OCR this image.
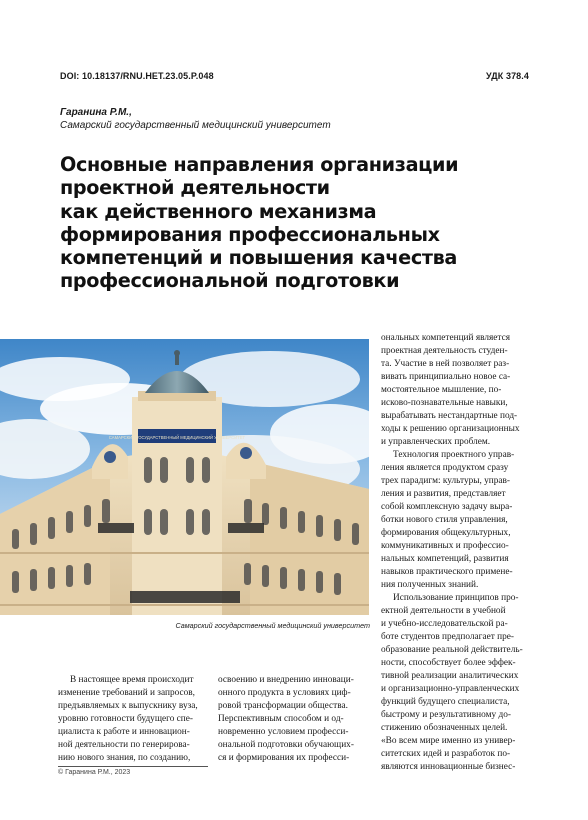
DOI: 10.18137/RNU.HET.23.05.P.048	УДК 378.4
Гаранина Р.М.,
Самарский государственный медицинский университет
Основные направления организации
проектной деятельности
как действенного механизма
формирования профессиональных
компетенций и повышения качества
профессиональной подготовки
САМАРСКИЙ ГОСУДАРСТВЕННЫЙ МЕДИЦИНСКИЙ УНИВЕРСИТЕТ
Самарский государственный медицинский университет
ональных компетенций является
проектная деятельность студен-
та. Участие в ней позволяет раз-
вивать принципиально новое са-
мостоятельное мышление, по-
исково-познавательные навыки,
вырабатывать нестандартные под-
ходы к решению организационных
и управленческих проблем.
Технология проектного управ-
ления является продуктом сразу
трех парадигм: культуры, управ-
ления и развития, представляет
собой комплексную задачу выра-
ботки нового стиля управления,
формирования общекультурных,
коммуникативных и профессио-
нальных компетенций, развития
навыков практического примене-
ния полученных знаний.
Использование принципов про-
ектной деятельности в учебной
и учебно-исследовательской ра-
боте студентов предполагает пре-
образование реальной действитель-
ности, способствует более эффек-
тивной реализации аналитических
и организационно-управленческих
функций будущего специалиста,
быстрому и результативному до-
стижению обозначенных целей.
«Во всем мире именно из универ-
ситетских идей и разработок по-
являются инновационные бизнес-
В настоящее время происходит
изменение требований и запросов,
предъявляемых к выпускнику вуза,
уровню готовности будущего спе-
циалиста к работе и инновацион-
ной деятельности по генерирова-
нию нового знания, по созданию,
освоению и внедрению инноваци-
онного продукта в условиях циф-
ровой трансформации общества.
Перспективным способом и од-
новременно условием професси-
ональной подготовки обучающих-
ся и формирования их професси-
© Гаранина Р.М., 2023
